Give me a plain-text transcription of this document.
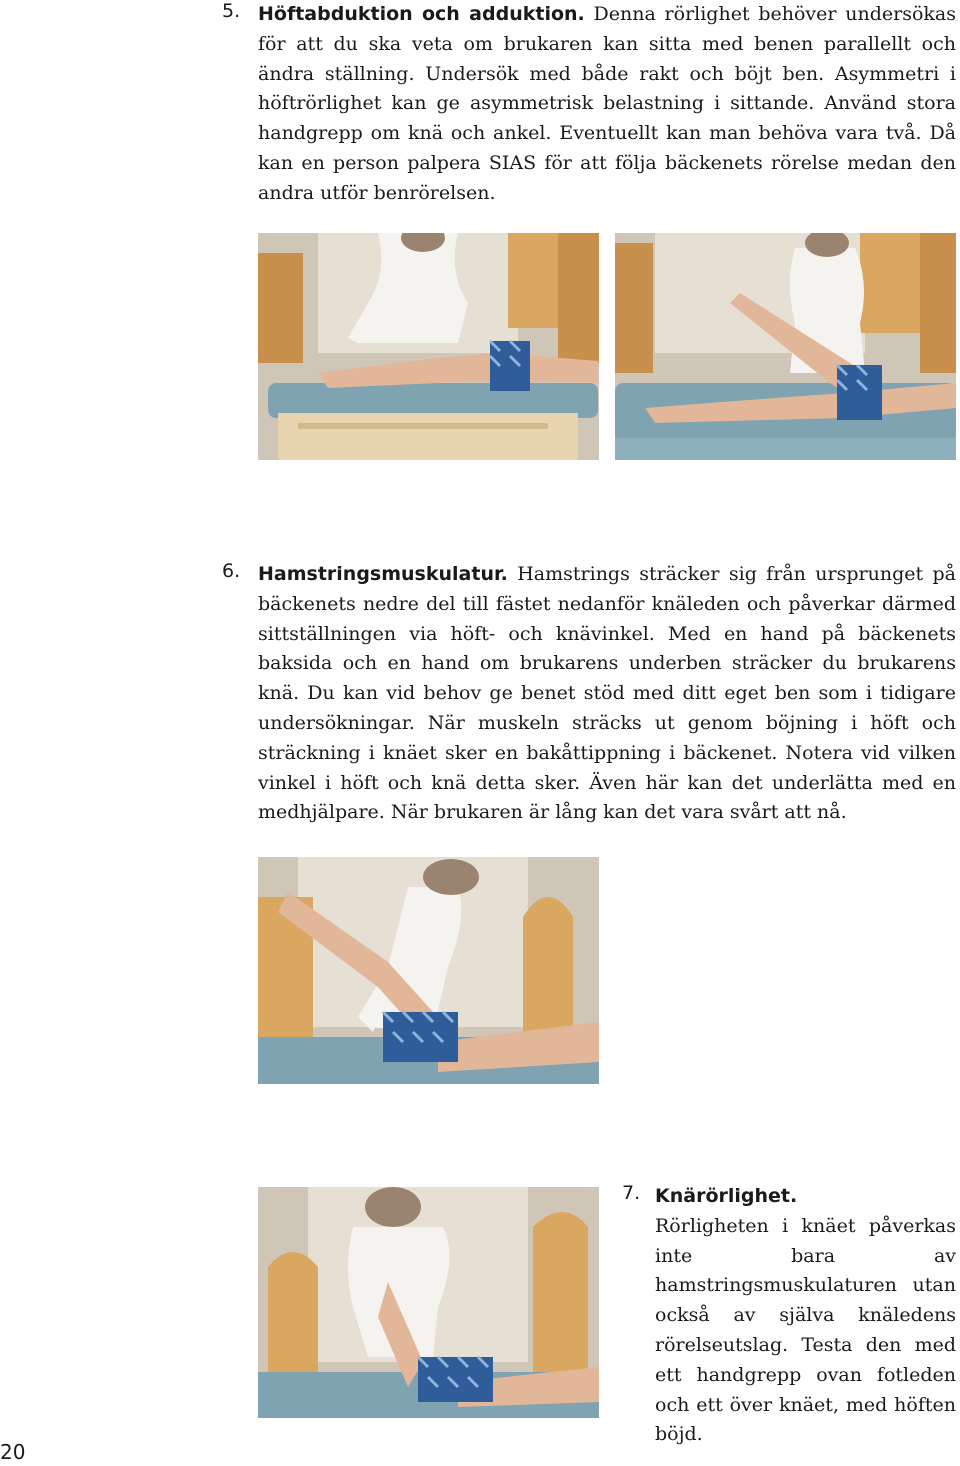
5. Höftabduktion och adduktion. Denna rörlighet behöver undersökas för att du ska veta om brukaren kan sitta med benen parallellt och ändra ställning. Undersök med både rakt och böjt ben. Asymmetri i höftrörlighet kan ge asymmetrisk belastning i sittande. Använd stora handgrepp om knä och ankel. Eventuellt kan man behöva vara två. Då kan en person palpera SIAS för att följa bäckenets rörelse medan den andra utför benrörelsen.

6. Hamstringsmuskulatur. Hamstrings sträcker sig från ursprunget på bäckenets nedre del till fästet nedanför knäleden och påverkar därmed sittställningen via höft- och knävinkel. Med en hand på bäckenets baksida och en hand om brukarens underben sträcker du brukarens knä. Du kan vid behov ge benet stöd med ditt eget ben som i tidigare undersökningar. När muskeln sträcks ut genom böjning i höft och sträckning i knäet sker en bakåttippning i bäckenet. Notera vid vilken vinkel i höft och knä detta sker. Även här kan det underlätta med en medhjälpare. När brukaren är lång kan det vara svårt att nå.

7. Knärörlighet.
Rörligheten i knäet påverkas inte bara av hamstringsmuskulaturen utan också av själva knäledens rörelseutslag. Testa den med ett handgrepp ovan fotleden och ett över knäet, med höften böjd.

20
